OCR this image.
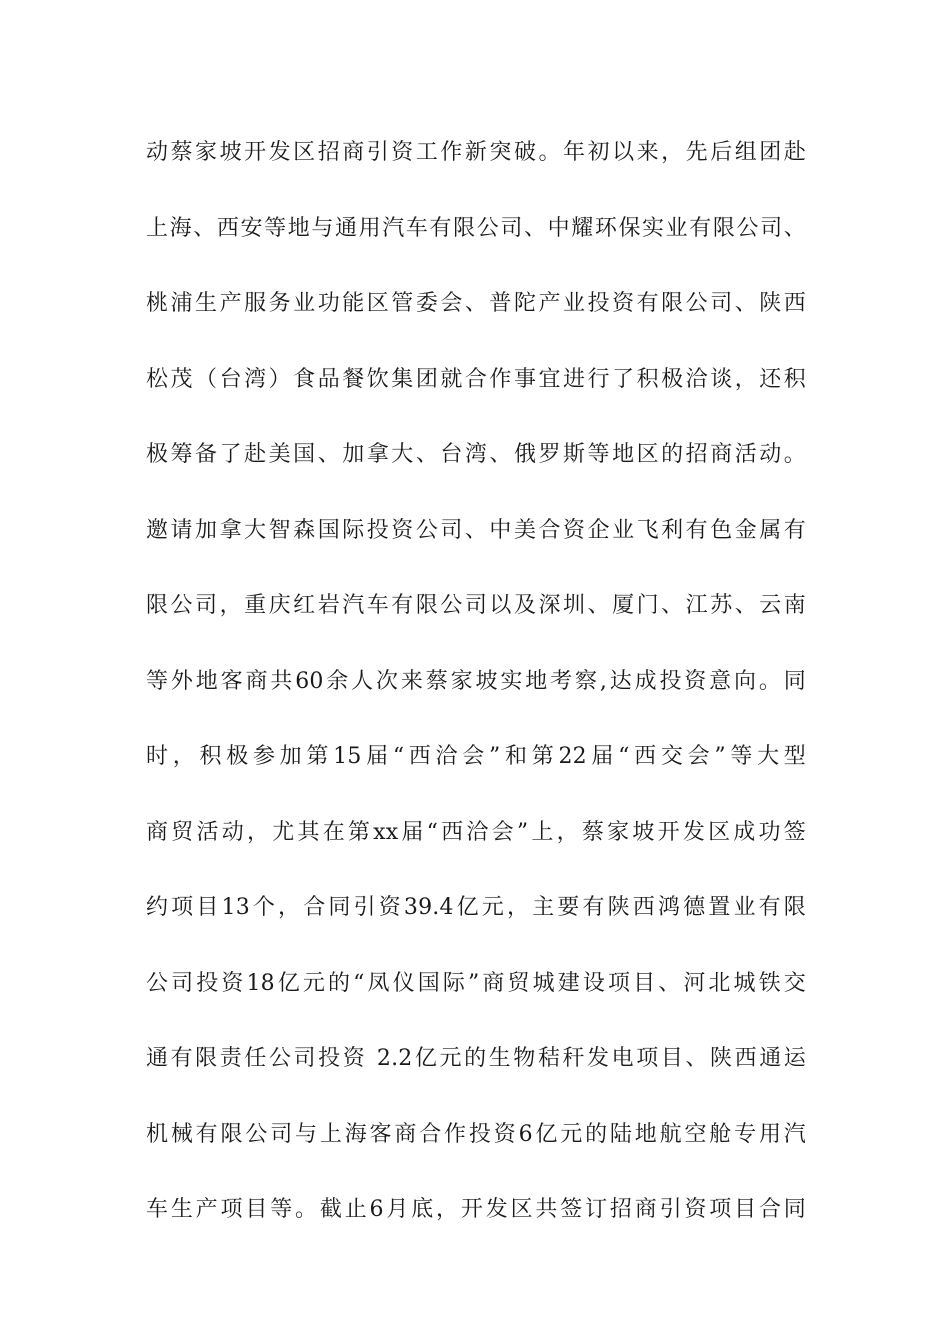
动蔡家坡开发区招商引资工作新突破。年初以来，先后组团赴
上海、西安等地与通用汽车有限公司、中耀环保实业有限公司、
桃浦生产服务业功能区管委会、普陀产业投资有限公司、陕西
松茂（台湾）食品餐饮集团就合作事宜进行了积极洽谈，还积
极筹备了赴美国、加拿大、台湾、俄罗斯等地区的招商活动。
邀请加拿大智森国际投资公司、中美合资企业飞利有色金属有
限公司，重庆红岩汽车有限公司以及深圳、厦门、江苏、云南
等外地客商共60余人次来蔡家坡实地考察,达成投资意向。同
时，积极参加第15届“西洽会”和第22届“西交会”等大型
商贸活动，尤其在第xx届“西洽会”上，蔡家坡开发区成功签
约项目13个，合同引资39.4亿元，主要有陕西鸿德置业有限
公司投资18亿元的“凤仪国际”商贸城建设项目、河北城铁交
通有限责任公司投资 2.2亿元的生物秸秆发电项目、陕西通运
机械有限公司与上海客商合作投资6亿元的陆地航空舱专用汽
车生产项目等。截止6月底，开发区共签订招商引资项目合同
